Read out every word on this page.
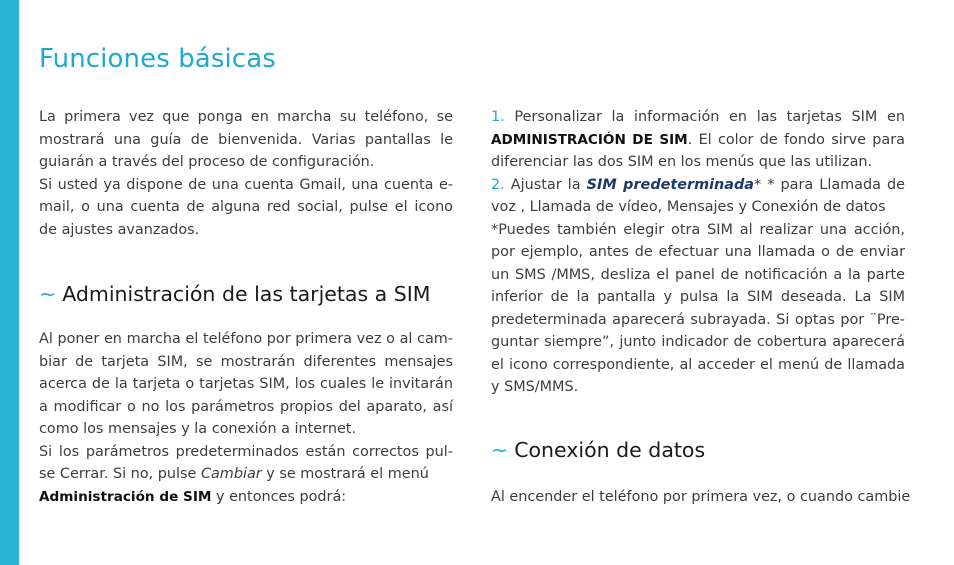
Funciones básicas

La primera vez que ponga en marcha su teléfono, se mostrará una guía de bienvenida. Varias pantallas le guiarán a través del proceso de configuración.

Si usted ya dispone de una cuenta Gmail, una cuenta e-mail, o una cuenta de alguna red social, pulse el icono de ajustes avanzados.

~ Administración de las tarjetas a SIM

Al poner en marcha el teléfono por primera vez o al cam-biar de tarjeta SIM, se mostrarán diferentes mensajes acerca de la tarjeta o tarjetas SIM, los cuales le invitarán a modificar o no los parámetros propios del aparato, así como los mensajes y la conexión a internet.

Si los parámetros predeterminados están correctos pul-se Cerrar. Si no, pulse Cambiar y se mostrará el menú
Administración de SIM y entonces podrá:

1. Personalizar la información en las tarjetas SIM en ADMINISTRACIÓN DE SIM. El color de fondo sirve para diferenciar las dos SIM en los menús que las utilizan.

2. Ajustar la SIM predeterminada* * para Llamada de voz , Llamada de vídeo, Mensajes y Conexión de datos

*Puedes también elegir otra SIM al realizar una acción, por ejemplo, antes de efectuar una llamada o de enviar un SMS /MMS, desliza el panel de notificación a la parte inferior de la pantalla y pulsa la SIM deseada. La SIM predeterminada aparecerá subrayada. Si optas por ¨Pre-guntar siempre”, junto indicador de cobertura aparecerá el icono correspondiente, al acceder el menú de llamada y SMS/MMS.

~ Conexión de datos

Al encender el teléfono por primera vez, o cuando cambie
